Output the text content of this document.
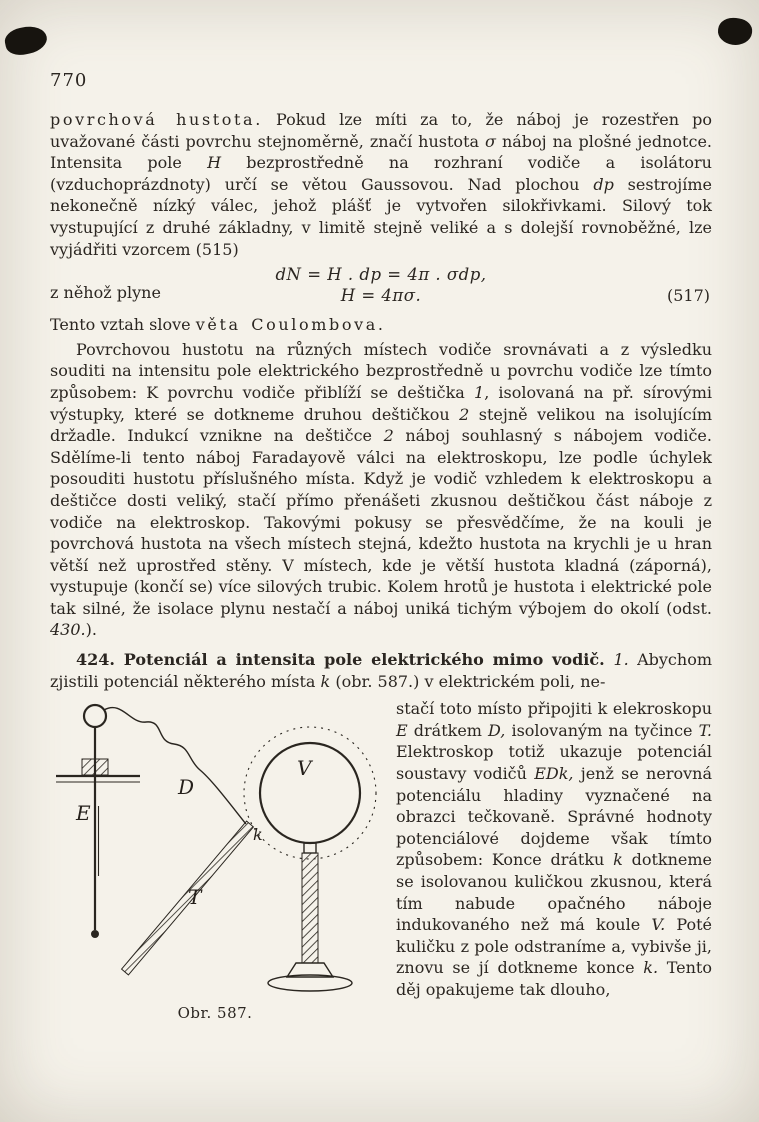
770

povrchová hustota. Pokud lze míti za to, že náboj je rozestřen po uvažované části povrchu stejnoměrně, značí hustota σ náboj na plošné jednotce. Intensita pole H bezprostředně na rozhraní vodiče a isolátoru (vzduchoprázdnoty) určí se větou Gaussovou. Nad plochou dp sestrojíme nekonečně nízký válec, jehož plášť je vytvořen silokřivkami. Silový tok vystupující z druhé základny, v limitě stejně veliké a s dolejší rovnoběžné, lze vyjádřiti vzorcem (515)

dN = H . dp = 4π . σdp,
z něhož plyne	H = 4πσ.	(517)

Tento vztah slove věta Coulombova.

Povrchovou hustotu na různých místech vodiče srovnávati a z výsledku souditi na intensitu pole elektrického bezprostředně u povrchu vodiče lze tímto způsobem: K povrchu vodiče přiblíží se deštička 1, isolovaná na př. sírovými výstupky, které se dotkneme druhou deštičkou 2 stejně velikou na isolujícím držadle. Indukcí vznikne na deštičce 2 náboj souhlasný s nábojem vodiče. Sdělíme-li tento náboj Faradayově válci na elektroskopu, lze podle úchylek posouditi hustotu příslušného místa. Když je vodič vzhledem k elektroskopu a deštičce dosti veliký, stačí přímo přenášeti zkusnou deštičkou část náboje z vodiče na elektroskop. Takovými pokusy se přesvědčíme, že na kouli je povrchová hustota na všech místech stejná, kdežto hustota na krychli je u hran větší než uprostřed stěny. V místech, kde je větší hustota kladná (záporná), vystupuje (končí se) více silových trubic. Kolem hrotů je hustota i elektrické pole tak silné, že isolace plynu nestačí a náboj uniká tichým výbojem do okolí (odst. 430.).

424. Potenciál a intensita pole elektrického mimo vodič. 1. Abychom zjistili potenciál některého místa k (obr. 587.) v elektrickém poli, ne-

E
D
T
k
V
Obr. 587.

stačí toto místo připojiti k elekroskopu E drátkem D, isolovaným na tyčince T. Elektroskop totiž ukazuje potenciál soustavy vodičů EDk, jenž se nerovná potenciálu hladiny vyznačené na obrazci tečkovaně. Správné hodnoty potenciálové dojdeme však tímto způsobem: Konce drátku k dotkneme se isolovanou kuličkou zkusnou, která tím nabude opačného náboje indukovaného než má koule V. Poté kuličku z pole odstraníme a, vybivše ji, znovu se jí dotkneme konce k. Tento děj opakujeme tak dlouho,
